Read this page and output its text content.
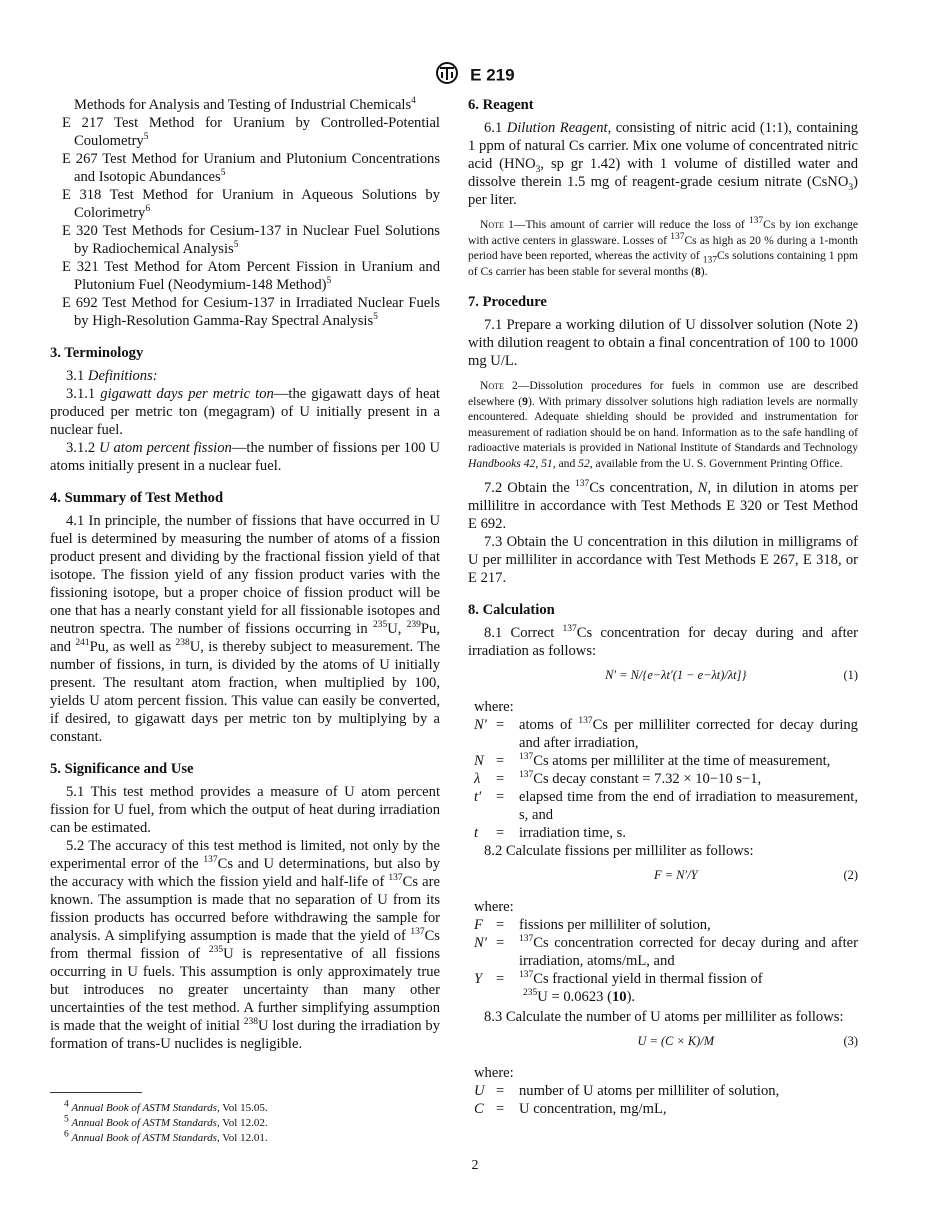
E 219

Methods for Analysis and Testing of Industrial Chemicals$^4$

E 217 Test Method for Uranium by Controlled-Potential Coulometry$^5$

E 267 Test Method for Uranium and Plutonium Concentrations and Isotopic Abundances$^5$

E 318 Test Method for Uranium in Aqueous Solutions by Colorimetry$^6$

E 320 Test Methods for Cesium-137 in Nuclear Fuel Solutions by Radiochemical Analysis$^5$

E 321 Test Method for Atom Percent Fission in Uranium and Plutonium Fuel (Neodymium-148 Method)$^5$

E 692 Test Method for Cesium-137 in Irradiated Nuclear Fuels by High-Resolution Gamma-Ray Spectral Analysis$^5$

3. Terminology

3.1 Definitions:

3.1.1 gigawatt days per metric ton—the gigawatt days of heat produced per metric ton (megagram) of U initially present in a nuclear fuel.

3.1.2 U atom percent fission—the number of fissions per 100 U atoms initially present in a nuclear fuel.

4. Summary of Test Method

4.1 In principle, the number of fissions that have occurred in U fuel is determined by measuring the number of atoms of a fission product present and dividing by the fractional fission yield of that isotope. The fission yield of any fission product varies with the fissioning isotope, but a proper choice of fission product will be one that has a nearly constant yield for all fissionable isotopes and neutron spectra. The number of fissions occurring in $^{235}$U, $^{239}$Pu, and $^{241}$Pu, as well as $^{238}$U, is thereby subject to measurement. The number of fissions, in turn, is divided by the atoms of U initially present. The resultant atom fraction, when multiplied by 100, yields U atom percent fission. This value can easily be converted, if desired, to gigawatt days per metric ton by multiplying by a constant.

5. Significance and Use

5.1 This test method provides a measure of U atom percent fission for U fuel, from which the output of heat during irradiation can be estimated.

5.2 The accuracy of this test method is limited, not only by the experimental error of the $^{137}$Cs and U determinations, but also by the accuracy with which the fission yield and half-life of $^{137}$Cs are known. The assumption is made that no separation of U from its fission products has occurred before withdrawing the sample for analysis. A simplifying assumption is made that the yield of $^{137}$Cs from thermal fission of $^{235}$U is representative of all fissions occurring in U fuels. This assumption is only approximately true but introduces no greater uncertainty than many other uncertainties of the test method. A further simplifying assumption is made that the weight of initial $^{238}$U lost during the irradiation by formation of trans-U nuclides is negligible.

$^4$ Annual Book of ASTM Standards, Vol 15.05.
$^5$ Annual Book of ASTM Standards, Vol 12.02.
$^6$ Annual Book of ASTM Standards, Vol 12.01.
6. Reagent

6.1 Dilution Reagent, consisting of nitric acid (1:1), containing 1 ppm of natural Cs carrier. Mix one volume of concentrated nitric acid ($HNO_3$, sp gr 1.42) with 1 volume of distilled water and dissolve therein 1.5 mg of reagent-grade cesium nitrate (CsNO$_3$) per liter.

Note 1—This amount of carrier will reduce the loss of $^{137}$Cs by ion exchange with active centers in glassware. Losses of $^{137}$Cs as high as 20 % during a 1-month period have been reported, whereas the activity of $_{137}$Cs solutions containing 1 ppm of Cs carrier has been stable for several months (8).

7. Procedure

7.1 Prepare a working dilution of U dissolver solution (Note 2) with dilution reagent to obtain a final concentration of 100 to 1000 mg U/L.

Note 2—Dissolution procedures for fuels in common use are described elsewhere (9). With primary dissolver solutions high radiation levels are normally encountered. Adequate shielding should be provided and instrumentation for measurement of radiation should be on hand. Information as to the safe handling of radioactive materials is provided in National Institute of Standards and Technology Handbooks 42, 51, and 52, available from the U. S. Government Printing Office.

7.2 Obtain the $^{137}$Cs concentration, N, in dilution in atoms per millilitre in accordance with Test Methods E 320 or Test Method E 692.

7.3 Obtain the U concentration in this dilution in milligrams of U per milliliter in accordance with Test Methods E 267, E 318, or E 217.

8. Calculation

8.1 Correct $^{137}$Cs concentration for decay during and after irradiation as follows:

N′ = N/{e−λt′(1 − e−λt)/λt]}	(1)
where:
N′ =	atoms of $^{137}$Cs per milliliter corrected for decay during and after irradiation,
N =	$^{137}$Cs atoms per milliliter at the time of measurement,
λ	=	$^{137}$Cs decay constant = 7.32 × 10−10 s−1,
t′	=	elapsed time from the end of irradiation to measurement, s, and
t	=	irradiation time, s.

8.2 Calculate fissions per milliliter as follows:

F = N′/Y	(2)
where:
F =	fissions per milliliter of solution,
N′ =	$^{137}$Cs concentration corrected for decay during and after irradiation, atoms/mL, and
Y =	$^{137}$Cs fractional yield in thermal fission of
$^{235}$U = 0.0623 (10).

8.3 Calculate the number of U atoms per milliliter as follows:

U = (C × K)/M	(3)
where:
U =	number of U atoms per milliliter of solution,
C =	U concentration, mg/mL,
2
